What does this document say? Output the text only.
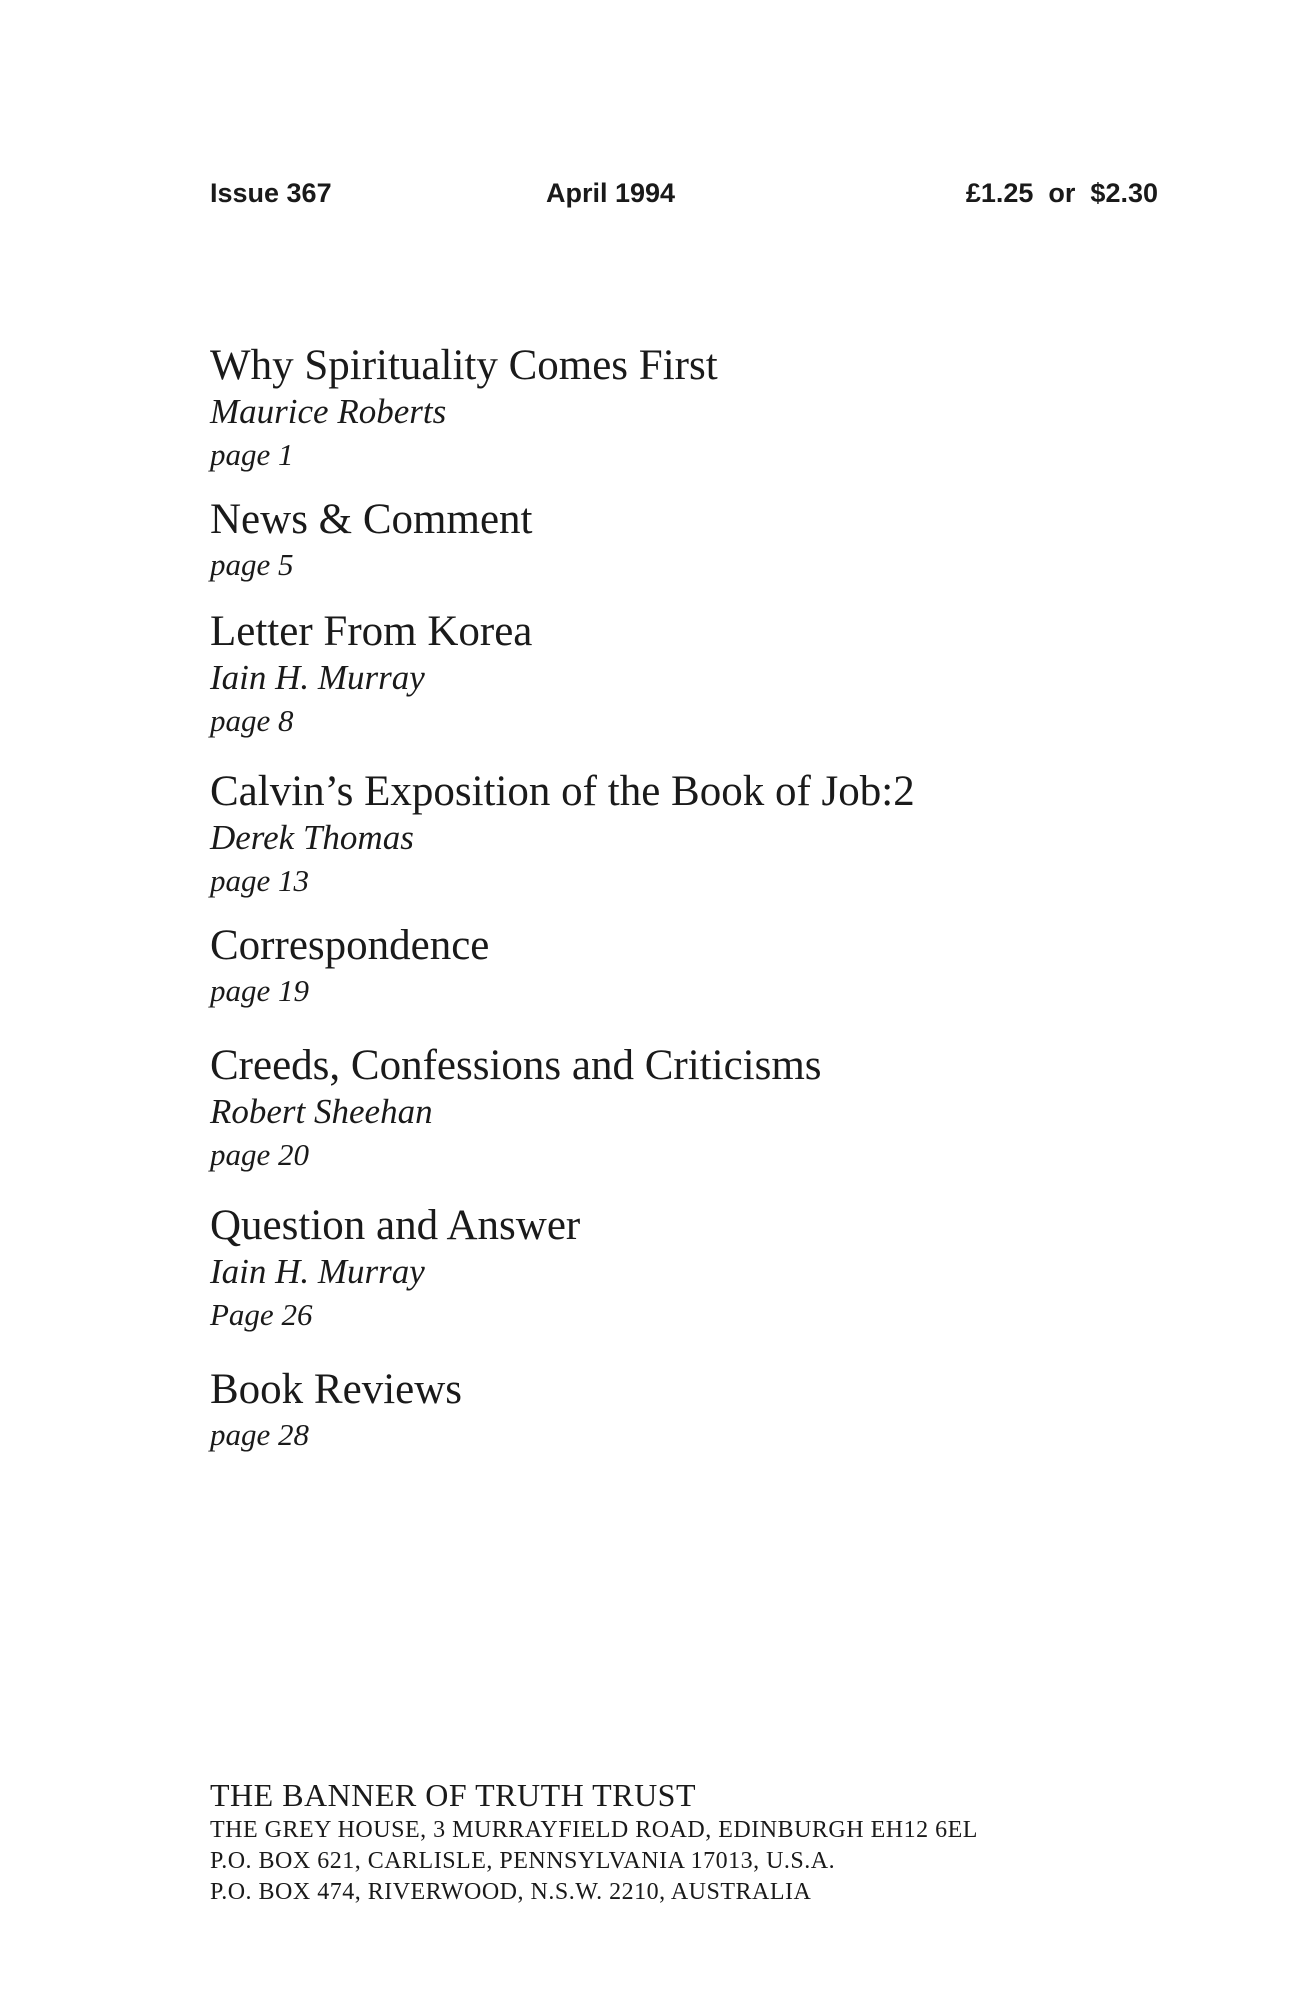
Issue 367	April 1994	£1.25  or  $2.30
Why Spirituality Comes First
Maurice Roberts
page 1
News & Comment
page 5
Letter From Korea
Iain H. Murray
page 8
Calvin’s Exposition of the Book of Job:2
Derek Thomas
page 13
Correspondence
page 19
Creeds, Confessions and Criticisms
Robert Sheehan
page 20
Question and Answer
Iain H. Murray
Page 26
Book Reviews
page 28
THE BANNER OF TRUTH TRUST
THE GREY HOUSE, 3 MURRAYFIELD ROAD, EDINBURGH EH12 6EL
P.O. BOX 621, CARLISLE, PENNSYLVANIA 17013, U.S.A.
P.O. BOX 474, RIVERWOOD, N.S.W. 2210, AUSTRALIA
